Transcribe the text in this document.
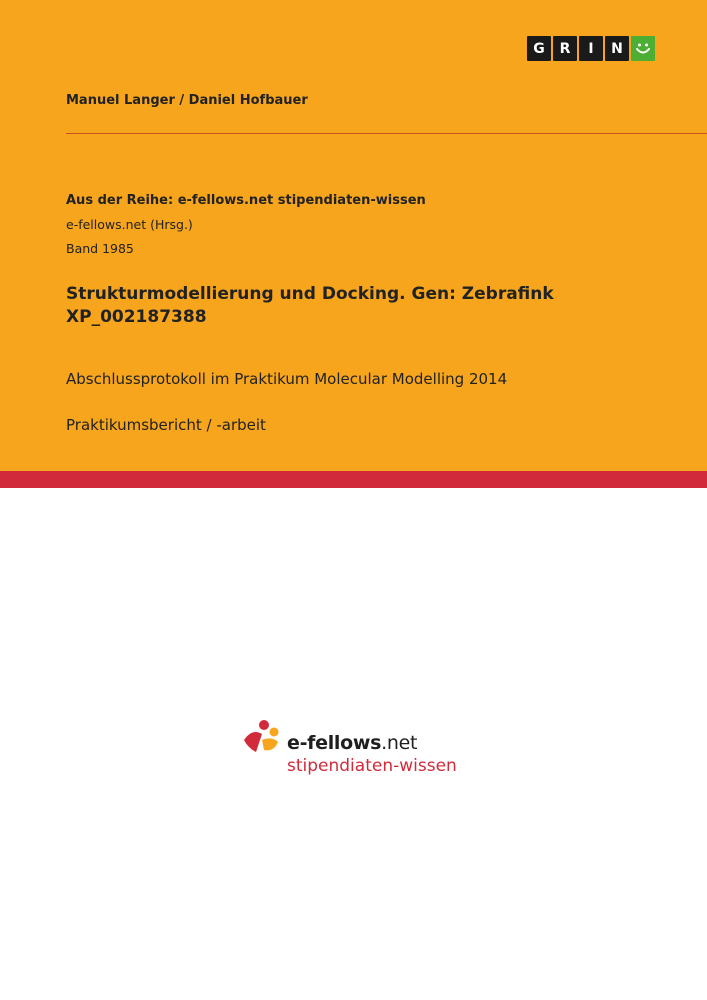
G	R	I	N
Manuel Langer / Daniel Hofbauer
Aus der Reihe: e-fellows.net stipendiaten-wissen
e-fellows.net (Hrsg.)
Band 1985
Strukturmodellierung und Docking. Gen: Zebrafink XP_002187388
Abschlussprotokoll im Praktikum Molecular Modelling 2014
Praktikumsbericht / -arbeit
e-fellows.net
stipendiaten-wissen
